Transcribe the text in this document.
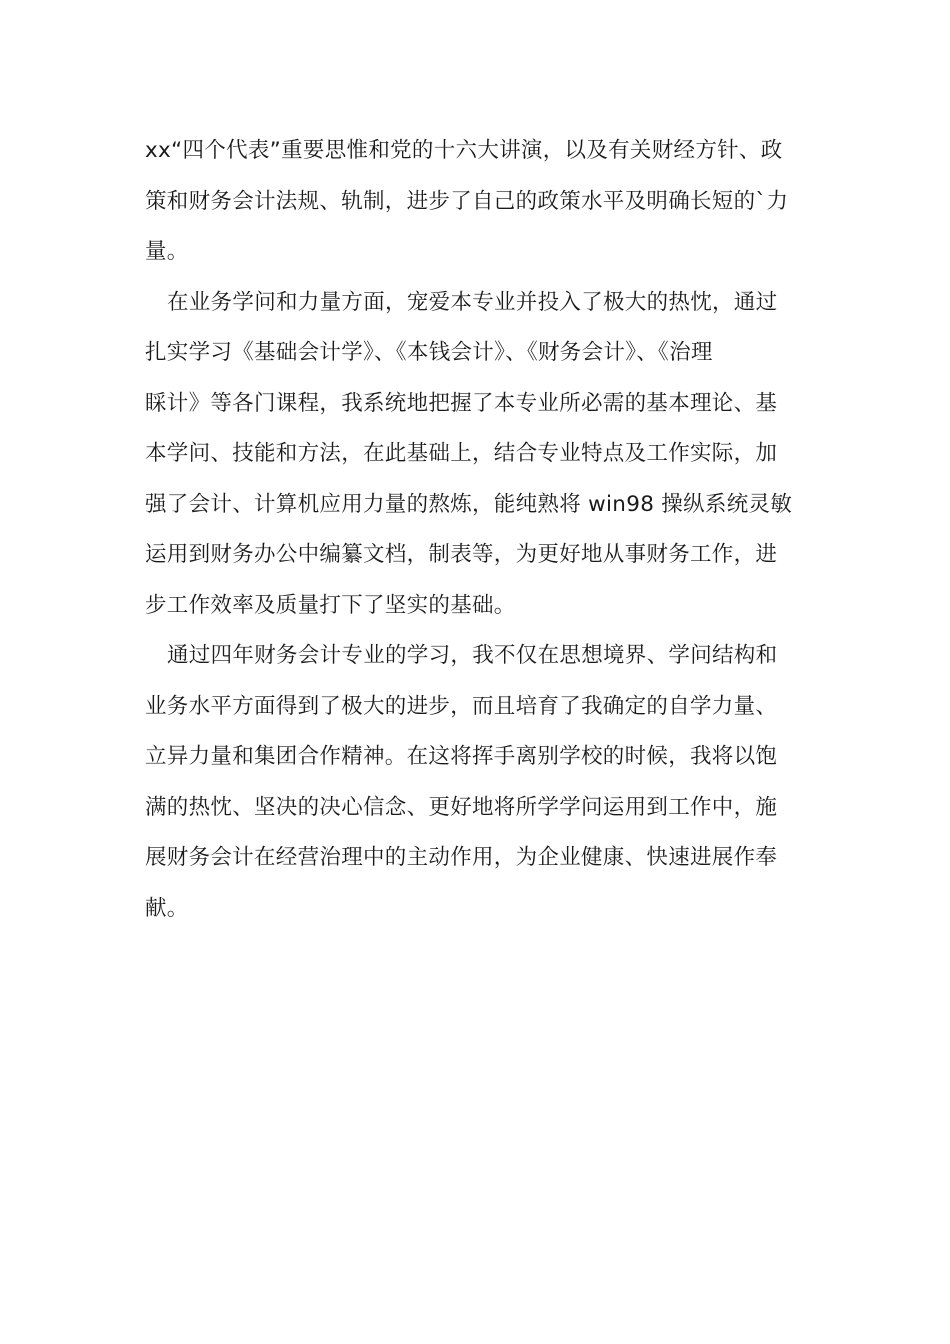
xx“四个代表”重要思惟和党的十六大讲演，以及有关财经方针、政
策和财务会计法规、轨制，进步了自己的政策水平及明确长短的`力
量。
在业务学问和力量方面，宠爱本专业并投入了极大的热忱，通过
扎实学习《基础会计学》、《本钱会计》、《财务会计》、《治理
睬计》等各门课程，我系统地把握了本专业所必需的基本理论、基
本学问、技能和方法，在此基础上，结合专业特点及工作实际，加
强了会计、计算机应用力量的熬炼，能纯熟将 win98 操纵系统灵敏
运用到财务办公中编纂文档，制表等，为更好地从事财务工作，进
步工作效率及质量打下了坚实的基础。
通过四年财务会计专业的学习，我不仅在思想境界、学问结构和
业务水平方面得到了极大的进步，而且培育了我确定的自学力量、
立异力量和集团合作精神。在这将挥手离别学校的时候，我将以饱
满的热忱、坚决的决心信念、更好地将所学学问运用到工作中，施
展财务会计在经营治理中的主动作用，为企业健康、快速进展作奉
献。
